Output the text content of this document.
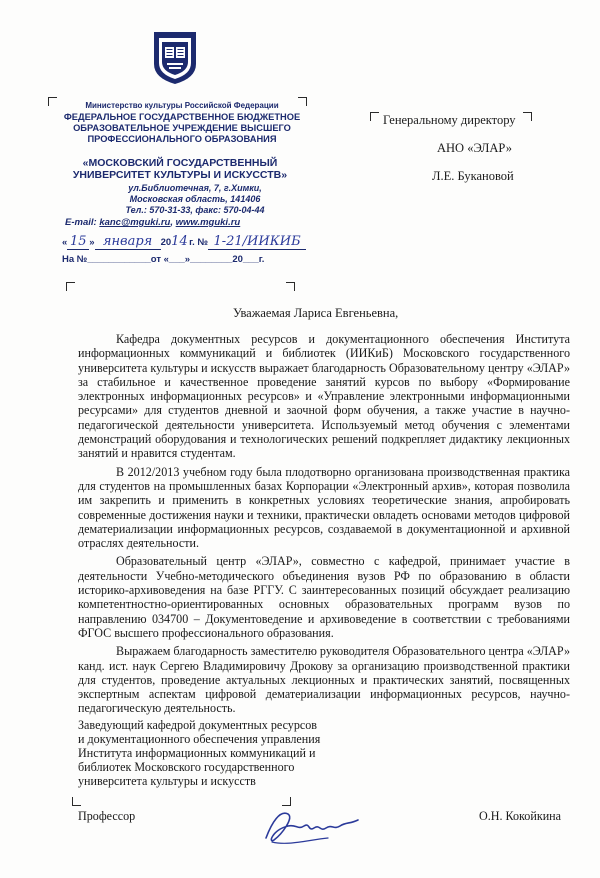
Министерство культуры Российской Федерации
ФЕДЕРАЛЬНОЕ ГОСУДАРСТВЕННОЕ БЮДЖЕТНОЕ
ОБРАЗОВАТЕЛЬНОЕ УЧРЕЖДЕНИЕ ВЫСШЕГО
ПРОФЕССИОНАЛЬНОГО ОБРАЗОВАНИЯ
«МОСКОВСКИЙ ГОСУДАРСТВЕННЫЙ
УНИВЕРСИТЕТ КУЛЬТУРЫ И ИСКУССТВ»
ул.Библиотечная, 7, г.Химки,
Московская область, 141406
Тел.: 570-31-33, факс: 570-04-44
E-mail: kanc@mguki.ru, www.mguki.ru
« 15 » января 2014г. № 1-21/ИИКИБ
На №____________от «___»________20___г.
Генеральному директору
АНО «ЭЛАР»
Л.Е. Букановой
Уважаемая Лариса Евгеньевна,

Кафедра документных ресурсов и документационного обеспечения Института информационных коммуникаций и библиотек (ИИКиБ) Московского государственного университета культуры и искусств выражает благодарность Образовательному центру «ЭЛАР» за стабильное и качественное проведение занятий курсов по выбору «Формирование электронных информационных ресурсов» и «Управление электронными информационными ресурсами» для студентов дневной и заочной форм обучения, а также участие в научно-педагогической деятельности университета. Используемый метод обучения с элементами демонстраций оборудования и технологических решений подкрепляет дидактику лекционных занятий и нравится студентам.

В 2012/2013 учебном году была плодотворно организована производственная практика для студентов на промышленных базах Корпорации «Электронный архив», которая позволила им закрепить и применить в конкретных условиях теоретические знания, апробировать современные достижения науки и техники, практически овладеть основами методов цифровой дематериализации информационных ресурсов, создаваемой в документационной и архивной отраслях деятельности.

Образовательный центр «ЭЛАР», совместно с кафедрой, принимает участие в деятельности Учебно-методического объединения вузов РФ по образованию в области историко-архивоведения на базе РГГУ. С заинтересованных позиций обсуждает реализацию компетентностно-ориентированных основных образовательных программ вузов по направлению 034700 – Документоведение и архивоведение в соответствии с требованиями ФГОС высшего профессионального образования.

Выражаем благодарность заместителю руководителя Образовательного центра «ЭЛАР» канд. ист. наук Сергею Владимировичу Дрокову за организацию производственной практики для студентов, проведение актуальных лекционных и практических занятий, посвященных экспертным аспектам цифровой дематериализации информационных ресурсов, научно-педагогическую деятельность.

Заведующий кафедрой документных ресурсов
и документационного обеспечения управления
Института информационных коммуникаций и
библиотек Московского государственного
университета культуры и искусств
Профессор	О.Н. Кокойкина
